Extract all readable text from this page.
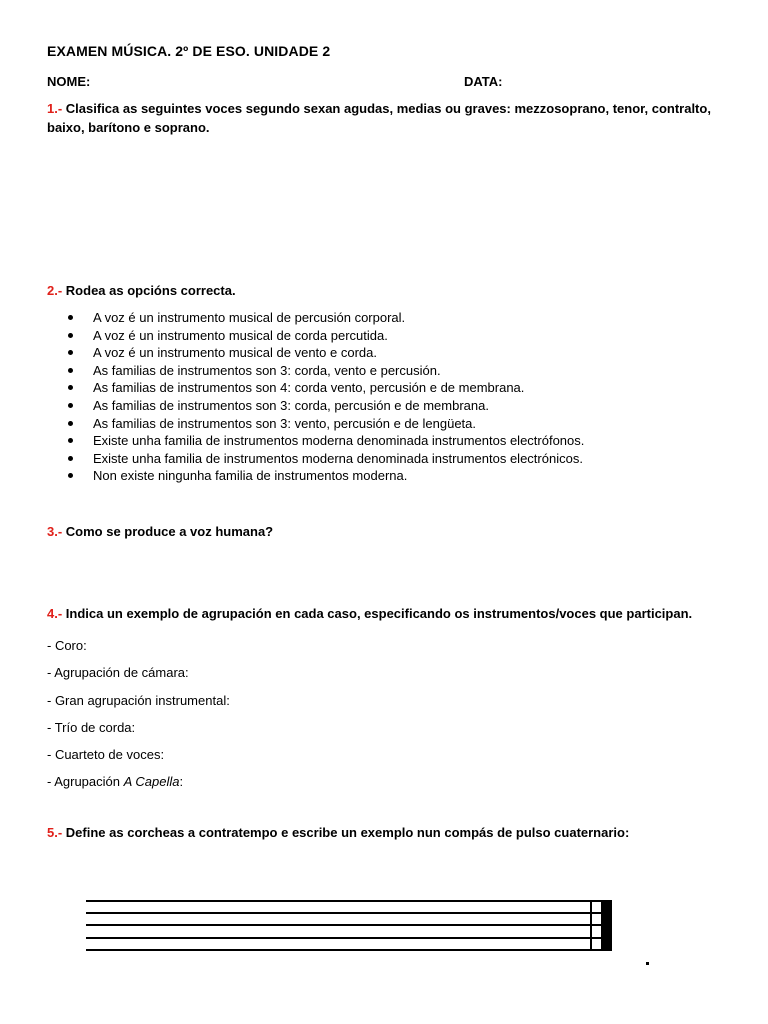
EXAMEN MÚSICA. 2º DE ESO. UNIDADE 2
NOME:	DATA:
1.- Clasifica as seguintes voces segundo sexan agudas, medias ou graves: mezzosoprano, tenor, contralto, baixo, barítono e soprano.
2.- Rodea as opcións correcta.
A voz é un instrumento musical de percusión corporal.
A voz é un instrumento musical de corda percutida.
A voz é un instrumento musical de vento e corda.
As familias de instrumentos son 3: corda, vento e percusión.
As familias de instrumentos son 4: corda vento, percusión e de membrana.
As familias de instrumentos son 3: corda, percusión e de membrana.
As familias de instrumentos son 3: vento, percusión e de lengüeta.
Existe unha familia de instrumentos moderna denominada instrumentos electrófonos.
Existe unha familia de instrumentos moderna denominada instrumentos electrónicos.
Non existe ningunha familia de instrumentos moderna.
3.- Como se produce a voz humana?
4.- Indica un exemplo de agrupación en cada caso, especificando os instrumentos/voces que participan.
- Coro:
- Agrupación de cámara:
- Gran agrupación instrumental:
- Trío de corda:
- Cuarteto de voces:
- Agrupación A Capella:
5.- Define as corcheas a contratempo e escribe un exemplo nun compás de pulso cuaternario:
